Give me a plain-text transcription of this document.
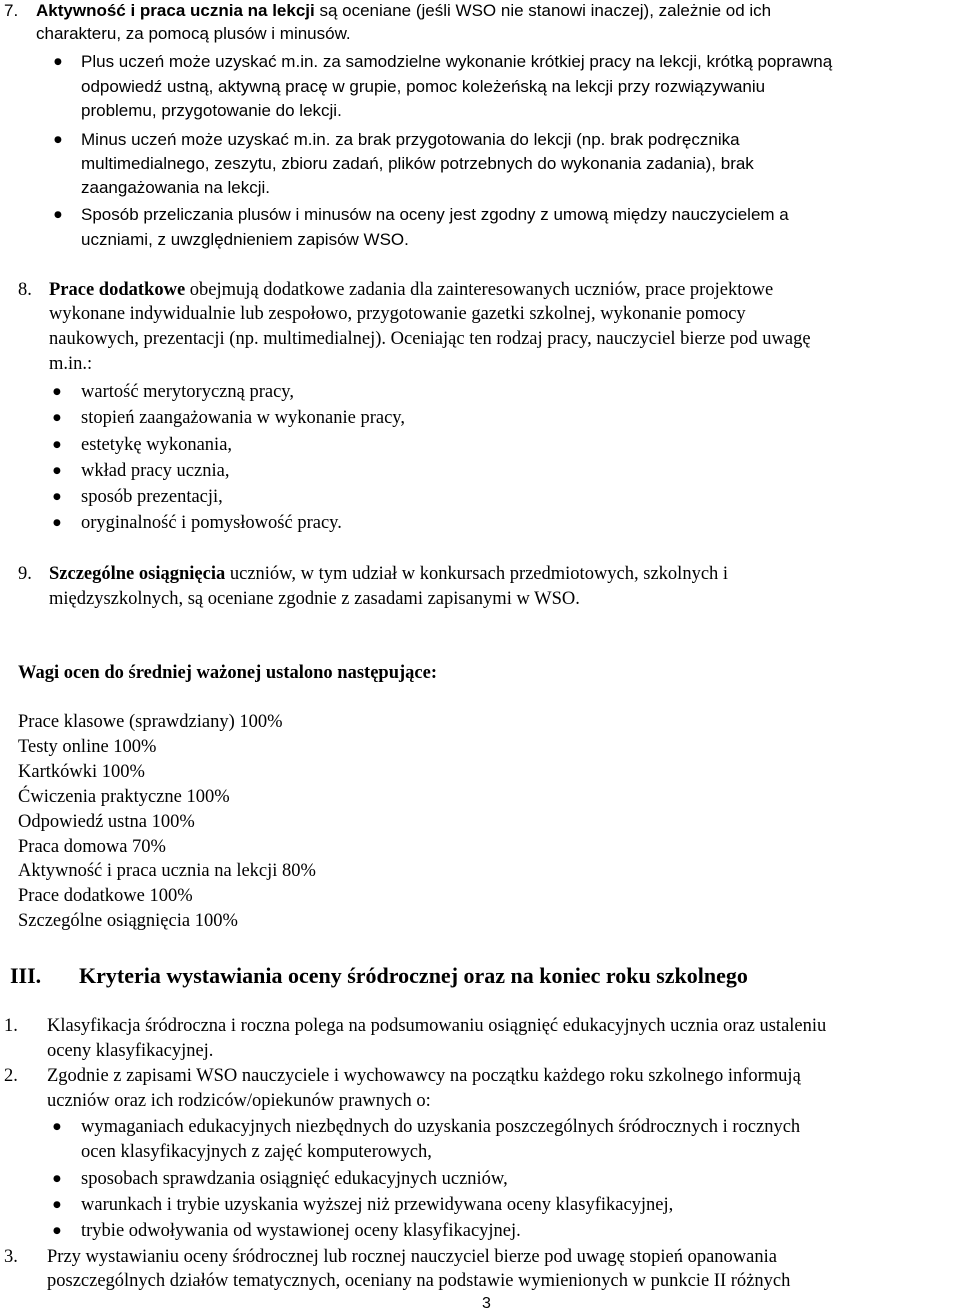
7. Aktywność i praca ucznia na lekcji są oceniane (jeśli WSO nie stanowi inaczej), zależnie od ich
charakteru, za pomocą plusów i minusów.
● Plus uczeń może uzyskać m.in. za samodzielne wykonanie krótkiej pracy na lekcji, krótką poprawną
odpowiedź ustną, aktywną pracę w grupie, pomoc koleżeńską na lekcji przy rozwiązywaniu
problemu, przygotowanie do lekcji.
● Minus uczeń może uzyskać m.in. za brak przygotowania do lekcji (np. brak podręcznika
multimedialnego, zeszytu, zbioru zadań, plików potrzebnych do wykonania zadania), brak
zaangażowania na lekcji.
● Sposób przeliczania plusów i minusów na oceny jest zgodny z umową między nauczycielem a
uczniami, z uwzględnieniem zapisów WSO.
8. Prace dodatkowe obejmują dodatkowe zadania dla zainteresowanych uczniów, prace projektowe
wykonane indywidualnie lub zespołowo, przygotowanie gazetki szkolnej, wykonanie pomocy
naukowych, prezentacji (np. multimedialnej). Oceniając ten rodzaj pracy, nauczyciel bierze pod uwagę
m.in.:
● wartość merytoryczną pracy,
● stopień zaangażowania w wykonanie pracy,
● estetykę wykonania,
● wkład pracy ucznia,
● sposób prezentacji,
● oryginalność i pomysłowość pracy.
9. Szczególne osiągnięcia uczniów, w tym udział w konkursach przedmiotowych, szkolnych i
międzyszkolnych, są oceniane zgodnie z zasadami zapisanymi w WSO.
Wagi ocen do średniej ważonej ustalono następujące:
Prace klasowe (sprawdziany) 100%
Testy online 100%
Kartkówki 100%
Ćwiczenia praktyczne 100%
Odpowiedź ustna 100%
Praca domowa 70%
Aktywność i praca ucznia na lekcji 80%
Prace dodatkowe 100%
Szczególne osiągnięcia 100%
III. Kryteria wystawiania oceny śródrocznej oraz na koniec roku szkolnego
1. Klasyfikacja śródroczna i roczna polega na podsumowaniu osiągnięć edukacyjnych ucznia oraz ustaleniu
oceny klasyfikacyjnej.
2. Zgodnie z zapisami WSO nauczyciele i wychowawcy na początku każdego roku szkolnego informują
uczniów oraz ich rodziców/opiekunów prawnych o:
● wymaganiach edukacyjnych niezbędnych do uzyskania poszczególnych śródrocznych i rocznych
ocen klasyfikacyjnych z zajęć komputerowych,
● sposobach sprawdzania osiągnięć edukacyjnych uczniów,
● warunkach i trybie uzyskania wyższej niż przewidywana oceny klasyfikacyjnej,
● trybie odwoływania od wystawionej oceny klasyfikacyjnej.
3. Przy wystawianiu oceny śródrocznej lub rocznej nauczyciel bierze pod uwagę stopień opanowania
poszczególnych działów tematycznych, oceniany na podstawie wymienionych w punkcie II różnych
3
